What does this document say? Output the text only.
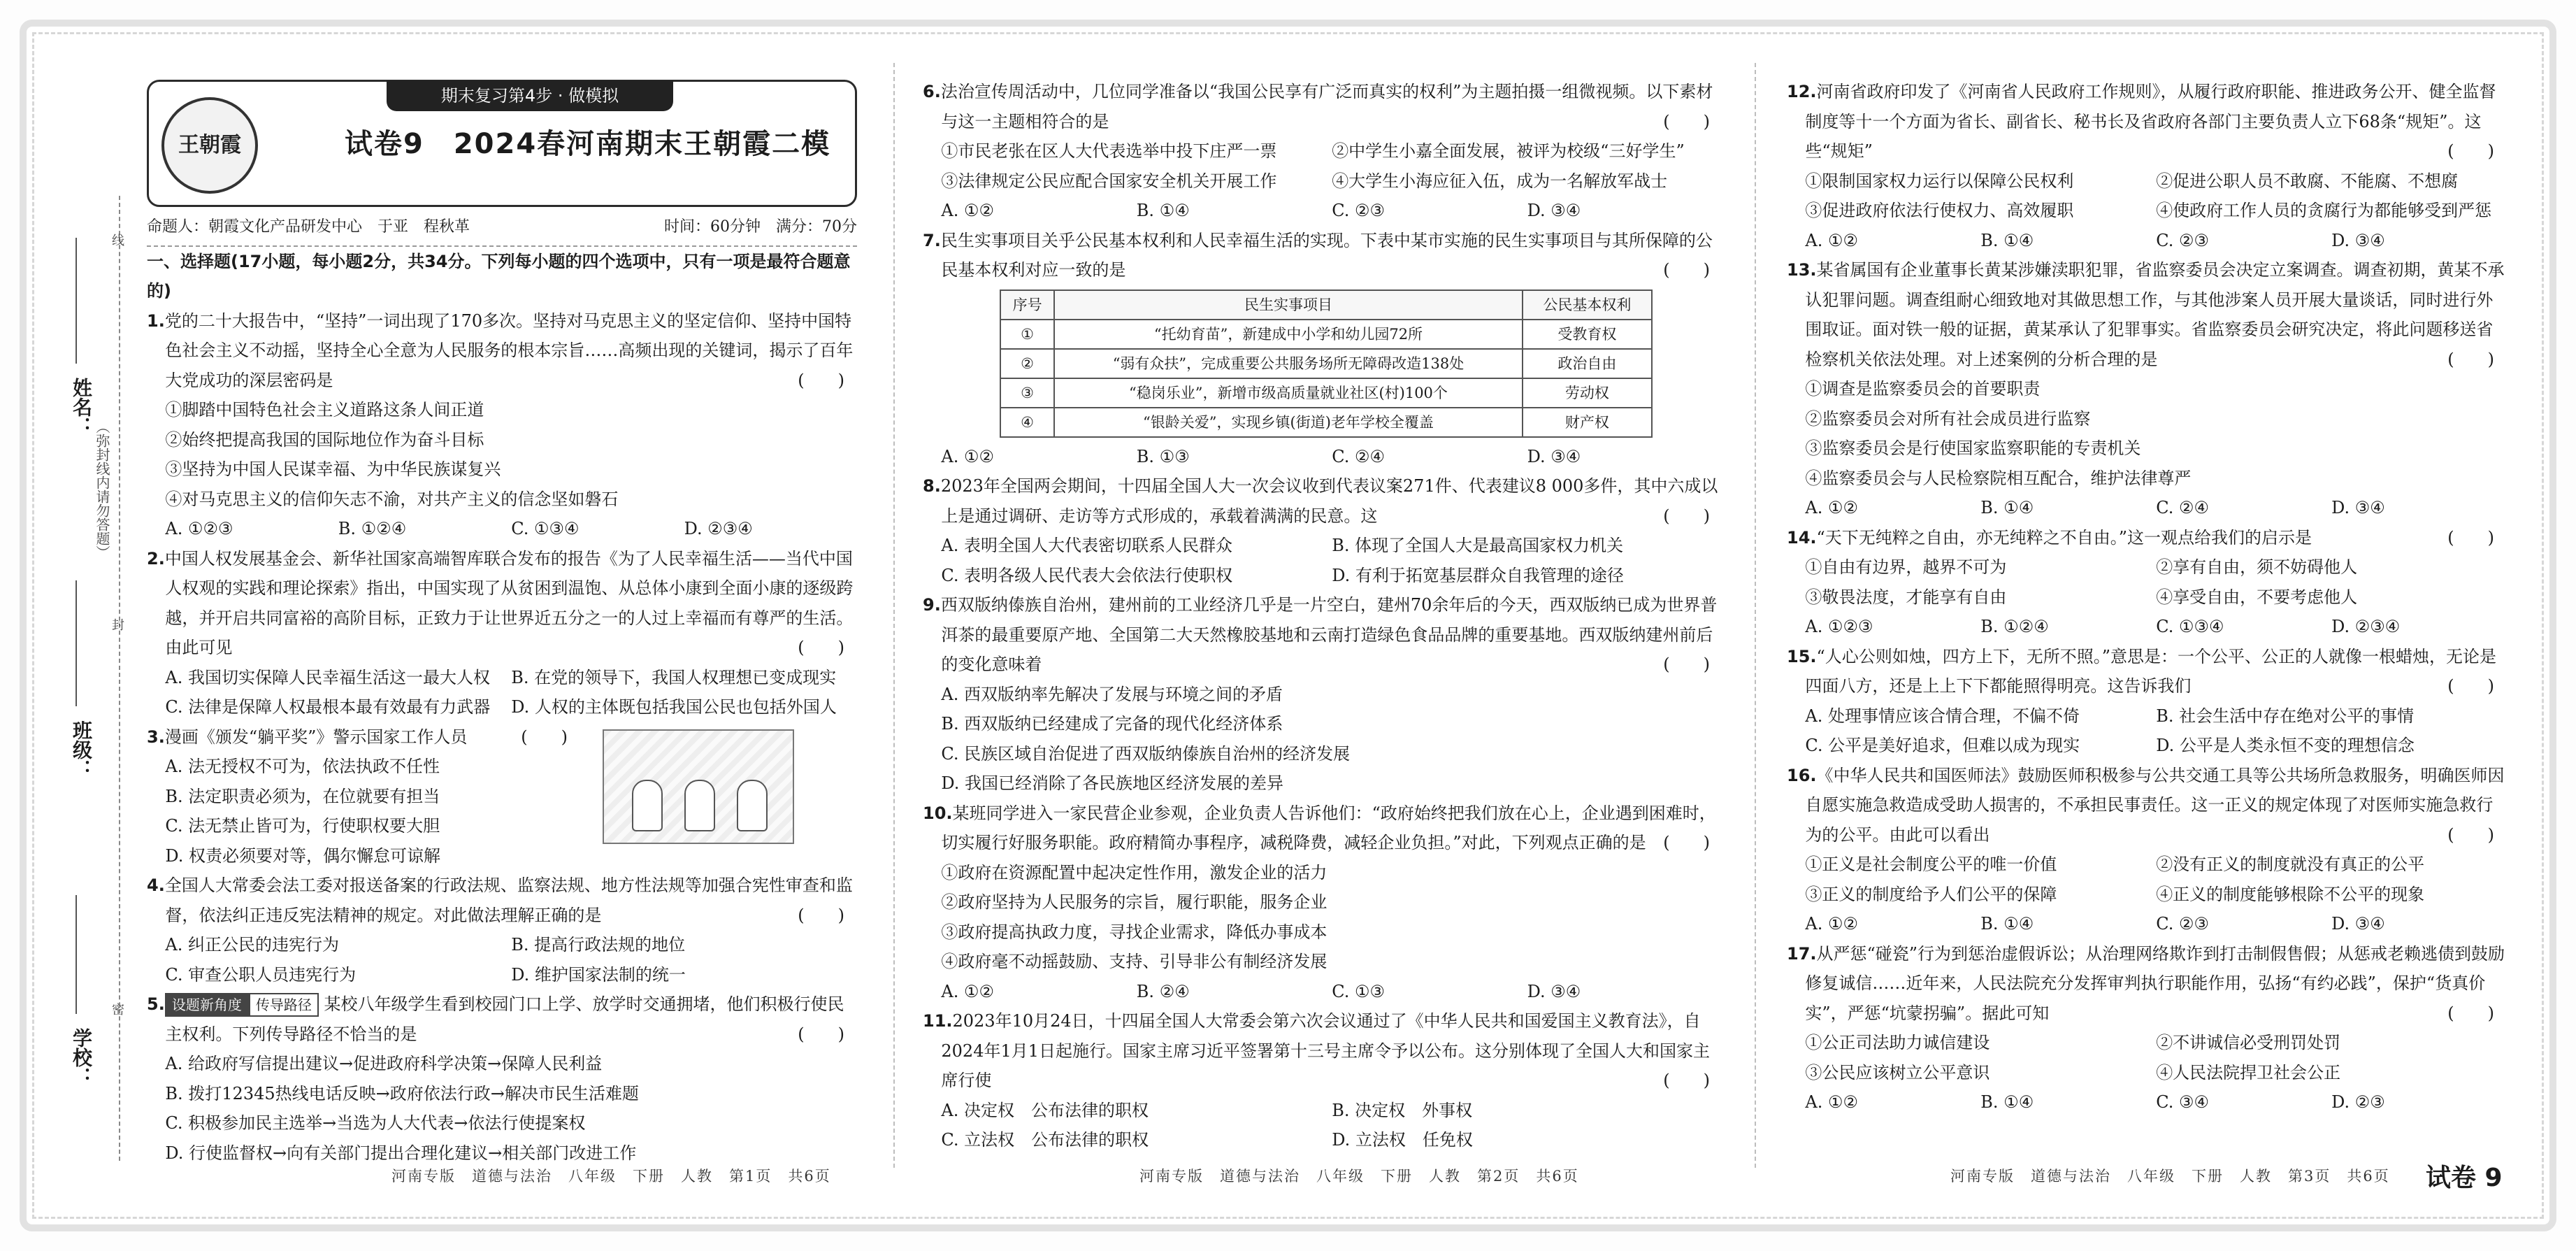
姓名：
班级：
学校：
（弥封线内请勿答题）
线
封
密
期末复习第4步 · 做模拟
王朝霞	试卷9　2024春河南期末王朝霞二模
命题人：朝霞文化产品研发中心　于亚　程秋革	时间：60分钟　满分：70分

一、选择题(17小题，每小题2分，共34分。下列每小题的四个选项中，只有一项是最符合题意的)

1.党的二十大报告中，“坚持”一词出现了170多次。坚持对马克思主义的坚定信仰、坚持中国特色社会主义不动摇，坚持全心全意为人民服务的根本宗旨……高频出现的关键词，揭示了百年大党成功的深层密码是	(　　)

①脚踏中国特色社会主义道路这条人间正道

②始终把提高我国的国际地位作为奋斗目标

③坚持为中国人民谋幸福、为中华民族谋复兴

④对马克思主义的信仰矢志不渝，对共产主义的信念坚如磐石

A. ①②③	B. ①②④	C. ①③④	D. ②③④

2.中国人权发展基金会、新华社国家高端智库联合发布的报告《为了人民幸福生活——当代中国人权观的实践和理论探索》指出，中国实现了从贫困到温饱、从总体小康到全面小康的逐级跨越，并开启共同富裕的高阶目标，正致力于让世界近五分之一的人过上幸福而有尊严的生活。由此可见	(　　)

A. 我国切实保障人民幸福生活这一最大人权	B. 在党的领导下，我国人权理想已变成现实
C. 法律是保障人权最根本最有效最有力武器	D. 人权的主体既包括我国公民也包括外国人

3.漫画《颁发“躺平奖”》警示国家工作人员	(　　)

A. 法无授权不可为，依法执政不任性

B. 法定职责必须为，在位就要有担当

C. 法无禁止皆可为，行使职权要大胆

D. 权责必须要对等，偶尔懈怠可谅解

4.全国人大常委会法工委对报送备案的行政法规、监察法规、地方性法规等加强合宪性审查和监督，依法纠正违反宪法精神的规定。对此做法理解正确的是	(　　)

A. 纠正公民的违宪行为	B. 提高行政法规的地位
C. 审查公职人员违宪行为	D. 维护国家法制的统一

5. 设题新角度 传导路径 某校八年级学生看到校园门口上学、放学时交通拥堵，他们积极行使民主权利。下列传导路径不恰当的是	(　　)

A. 给政府写信提出建议→促进政府科学决策→保障人民利益

B. 拨打12345热线电话反映→政府依法行政→解决市民生活难题

C. 积极参加民主选举→当选为人大代表→依法行使提案权

D. 行使监督权→向有关部门提出合理化建议→相关部门改进工作

6.法治宣传周活动中，几位同学准备以“我国公民享有广泛而真实的权利”为主题拍摄一组微视频。以下素材与这一主题相符合的是	(　　)

①市民老张在区人大代表选举中投下庄严一票	②中学生小嘉全面发展，被评为校级“三好学生”
③法律规定公民应配合国家安全机关开展工作	④大学生小海应征入伍，成为一名解放军战士
A. ①②	B. ①④	C. ②③	D. ③④

7.民生实事项目关乎公民基本权利和人民幸福生活的实现。下表中某市实施的民生实事项目与其所保障的公民基本权利对应一致的是	(　　)

序号	民生实事项目	公民基本权利
①	“托幼育苗”，新建成中小学和幼儿园72所	受教育权
②	“弱有众扶”，完成重要公共服务场所无障碍改造138处	政治自由
③	“稳岗乐业”，新增市级高质量就业社区(村)100个	劳动权
④	“银龄关爱”，实现乡镇(街道)老年学校全覆盖	财产权
A. ①②	B. ①③	C. ②④	D. ③④

8.2023年全国两会期间，十四届全国人大一次会议收到代表议案271件、代表建议8 000多件，其中六成以上是通过调研、走访等方式形成的，承载着满满的民意。这	(　　)

A. 表明全国人大代表密切联系人民群众	B. 体现了全国人大是最高国家权力机关
C. 表明各级人民代表大会依法行使职权	D. 有利于拓宽基层群众自我管理的途径

9.西双版纳傣族自治州，建州前的工业经济几乎是一片空白，建州70余年后的今天，西双版纳已成为世界普洱茶的最重要原产地、全国第二大天然橡胶基地和云南打造绿色食品品牌的重要基地。西双版纳建州前后的变化意味着	(　　)

A. 西双版纳率先解决了发展与环境之间的矛盾

B. 西双版纳已经建成了完备的现代化经济体系

C. 民族区域自治促进了西双版纳傣族自治州的经济发展

D. 我国已经消除了各民族地区经济发展的差异

10.某班同学进入一家民营企业参观，企业负责人告诉他们：“政府始终把我们放在心上，企业遇到困难时，切实履行好服务职能。政府精简办事程序，减税降费，减轻企业负担。”对此，下列观点正确的是 (　　)

①政府在资源配置中起决定性作用，激发企业的活力

②政府坚持为人民服务的宗旨，履行职能，服务企业

③政府提高执政力度，寻找企业需求，降低办事成本

④政府毫不动摇鼓励、支持、引导非公有制经济发展

A. ①②	B. ②④	C. ①③	D. ③④

11.2023年10月24日，十四届全国人大常委会第六次会议通过了《中华人民共和国爱国主义教育法》，自2024年1月1日起施行。国家主席习近平签署第十三号主席令予以公布。这分别体现了全国人大和国家主席行使	(　　)

A. 决定权　公布法律的职权	B. 决定权　外事权
C. 立法权　公布法律的职权	D. 立法权　任免权

12.河南省政府印发了《河南省人民政府工作规则》，从履行政府职能、推进政务公开、健全监督制度等十一个方面为省长、副省长、秘书长及省政府各部门主要负责人立下68条“规矩”。这些“规矩”	(　　)

①限制国家权力运行以保障公民权利	②促进公职人员不敢腐、不能腐、不想腐
③促进政府依法行使权力、高效履职	④使政府工作人员的贪腐行为都能够受到严惩
A. ①②	B. ①④	C. ②③	D. ③④

13.某省属国有企业董事长黄某涉嫌渎职犯罪，省监察委员会决定立案调查。调查初期，黄某不承认犯罪问题。调查组耐心细致地对其做思想工作，与其他涉案人员开展大量谈话，同时进行外围取证。面对铁一般的证据，黄某承认了犯罪事实。省监察委员会研究决定，将此问题移送省检察机关依法处理。对上述案例的分析合理的是	(　　)

①调查是监察委员会的首要职责

②监察委员会对所有社会成员进行监察

③监察委员会是行使国家监察职能的专责机关

④监察委员会与人民检察院相互配合，维护法律尊严

A. ①②	B. ①④	C. ②④	D. ③④

14.“天下无纯粹之自由，亦无纯粹之不自由。”这一观点给我们的启示是	(　　)

①自由有边界，越界不可为	②享有自由，须不妨碍他人
③敬畏法度，才能享有自由	④享受自由，不要考虑他人
A. ①②③	B. ①②④	C. ①③④	D. ②③④

15.“人心公则如烛，四方上下，无所不照。”意思是：一个公平、公正的人就像一根蜡烛，无论是四面八方，还是上上下下都能照得明亮。这告诉我们	(　　)

A. 处理事情应该合情合理，不偏不倚	B. 社会生活中存在绝对公平的事情
C. 公平是美好追求，但难以成为现实	D. 公平是人类永恒不变的理想信念

16.《中华人民共和国医师法》鼓励医师积极参与公共交通工具等公共场所急救服务，明确医师因自愿实施急救造成受助人损害的，不承担民事责任。这一正义的规定体现了对医师实施急救行为的公平。由此可以看出	(　　)

①正义是社会制度公平的唯一价值	②没有正义的制度就没有真正的公平
③正义的制度给予人们公平的保障	④正义的制度能够根除不公平的现象
A. ①②	B. ①④	C. ②③	D. ③④

17.从严惩“碰瓷”行为到惩治虚假诉讼；从治理网络欺诈到打击制假售假；从惩戒老赖逃债到鼓励修复诚信……近年来，人民法院充分发挥审判执行职能作用，弘扬“有约必践”，保护“货真价实”，严惩“坑蒙拐骗”。据此可知	(　　)

①公正司法助力诚信建设	②不讲诚信必受刑罚处罚
③公民应该树立公平意识	④人民法院捍卫社会公正
A. ①②	B. ①④	C. ③④	D. ②③
河南专版　道德与法治　八年级　下册　人教　第1页　共6页	河南专版　道德与法治　八年级　下册　人教　第2页　共6页	河南专版　道德与法治　八年级　下册　人教　第3页　共6页 试卷 9
